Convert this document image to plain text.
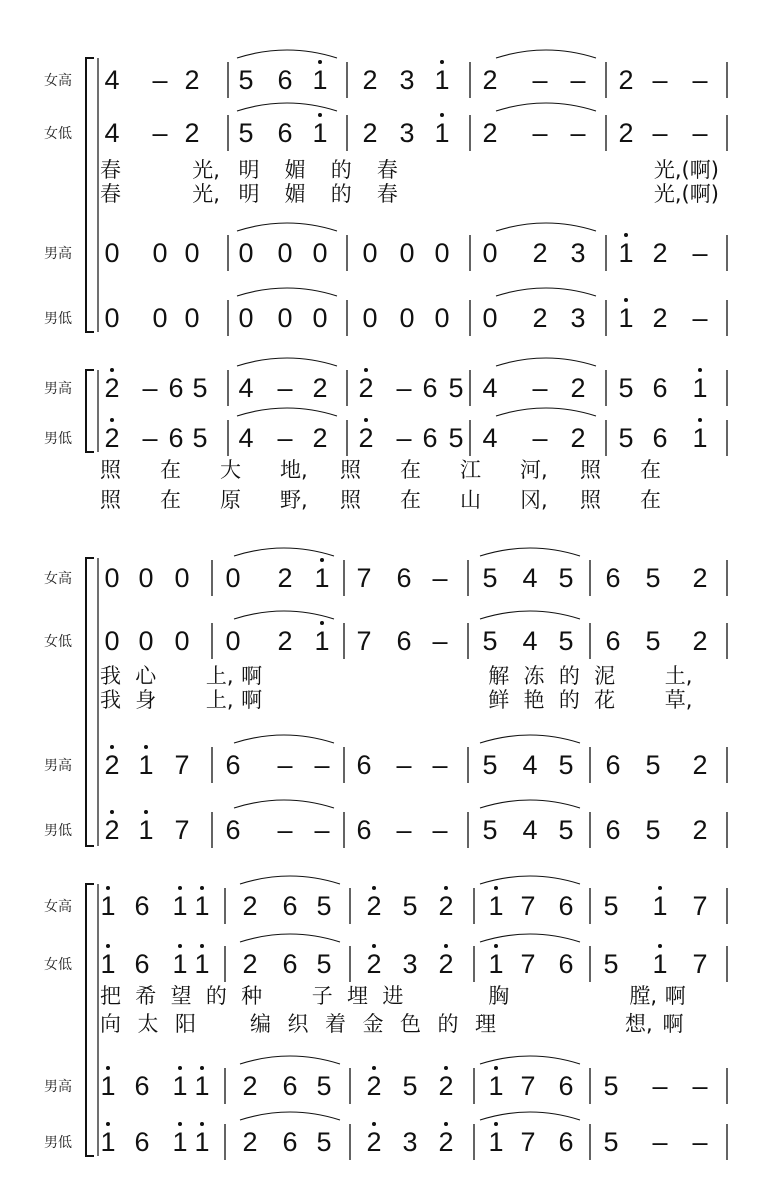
女高	4 – 2 5 6 1 2 3 1 2 – – 2 – –
女低	4 – 2 5 6 1 2 3 1 2 – – 2 – –
男高	0 0 0 0 0 0 0 0 0 0 2 3 1 2 –
男低	0 0 0 0 0 0 0 0 0 0 2 3 1 2 –
春	光, 明 媚 的 春	光,(啊)
春	光, 明 媚 的 春	光,(啊)
男高	2 – 6 5 4 – 2 2 – 6 5 4 – 2 5 6 1
男低	2 – 6 5 4 – 2 2 – 6 5 4 – 2 5 6 1
照 在 大 地, 照 在 江 河, 照 在
照 在 原 野, 照 在 山 冈, 照 在
女高	0 0 0 0 2 1 7 6 – 5 4 5 6 5 2
女低	0 0 0 0 2 1 7 6 – 5 4 5 6 5 2
男高	2 1 7 6 – – 6 – – 5 4 5 6 5 2
男低	2 1 7 6 – – 6 – – 5 4 5 6 5 2
我 心 上, 啊	解 冻 的 泥 土,
我 身 上, 啊	鲜 艳 的 花 草,
女高	1 6 1 1 2 6 5 2 5 2 1 7 6 5 1 7
女低	1 6 1 1 2 6 5 2 3 2 1 7 6 5 1 7
男高	1 6 1 1 2 6 5 2 5 2 1 7 6 5 – –
男低	1 6 1 1 2 6 5 2 3 2 1 7 6 5 – –
把 希 望 的 种 子 埋 进	胸	膛, 啊
向 太 阳	编 织 着 金 色 的 理	想, 啊
